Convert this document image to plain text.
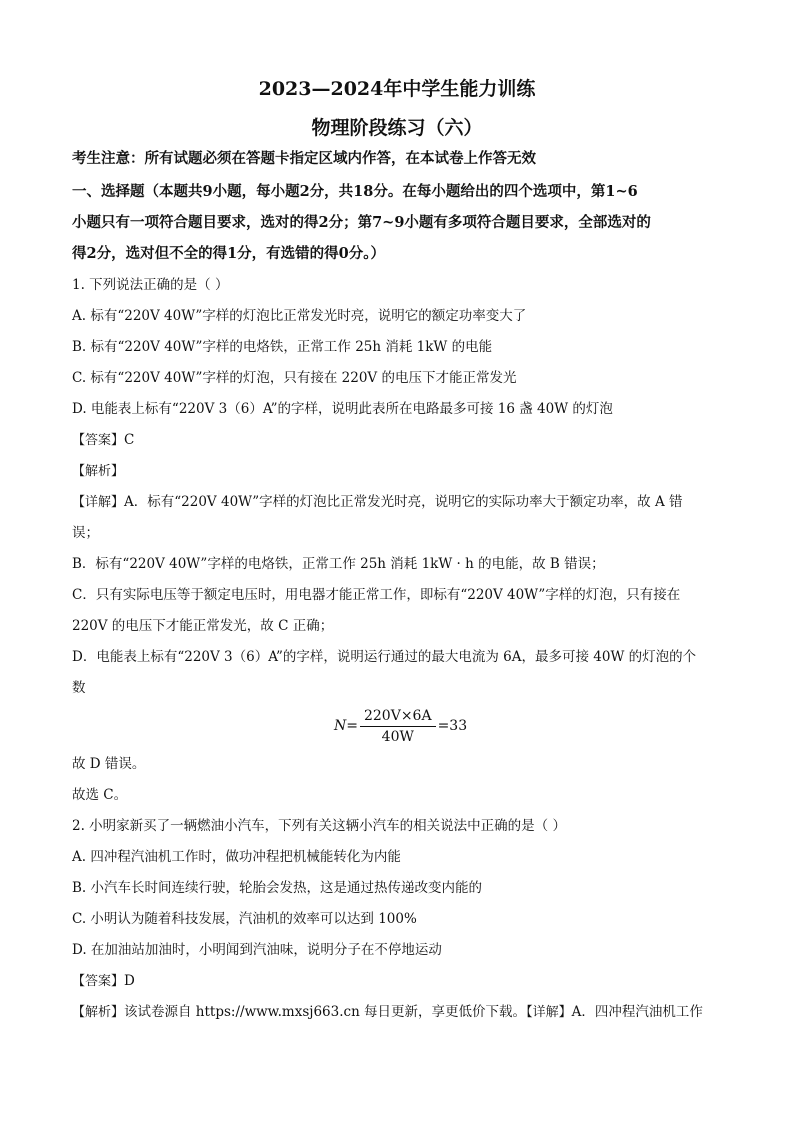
2023—2024年中学生能力训练
物理阶段练习（六）
考生注意：所有试题必须在答题卡指定区域内作答，在本试卷上作答无效
一、选择题（本题共9小题，每小题2分，共18分。在每小题给出的四个选项中，第1~6
小题只有一项符合题目要求，选对的得2分；第7~9小题有多项符合题目要求，全部选对的
得2分，选对但不全的得1分，有选错的得0分。）
1. 下列说法正确的是（ ）
A. 标有“220V 40W”字样的灯泡比正常发光时亮，说明它的额定功率变大了
B. 标有“220V 40W”字样的电烙铁，正常工作 25h 消耗 1kW 的电能
C. 标有“220V 40W”字样的灯泡，只有接在 220V 的电压下才能正常发光
D. 电能表上标有“220V 3（6）A”的字样，说明此表所在电路最多可接 16 盏 40W 的灯泡
【答案】C
【解析】
【详解】A．标有“220V 40W”字样的灯泡比正常发光时亮，说明它的实际功率大于额定功率，故 A 错
误；
B．标有“220V 40W”字样的电烙铁，正常工作 25h 消耗 1kW · h 的电能，故 B 错误；
C．只有实际电压等于额定电压时，用电器才能正常工作，即标有“220V 40W”字样的灯泡，只有接在
220V 的电压下才能正常发光，故 C 正确；
D．电能表上标有“220V 3（6）A”的字样，说明运行通过的最大电流为 6A，最多可接 40W 的灯泡的个
数
$N = \frac{220V\times 6A}{40W} =33$
故 D 错误。
故选 C。
2. 小明家新买了一辆燃油小汽车，下列有关这辆小汽车的相关说法中正确的是（ ）
A. 四冲程汽油机工作时，做功冲程把机械能转化为内能
B. 小汽车长时间连续行驶，轮胎会发热，这是通过热传递改变内能的
C. 小明认为随着科技发展，汽油机的效率可以达到 100%
D. 在加油站加油时，小明闻到汽油味，说明分子在不停地运动
【答案】D
【解析】该试卷源自 https://www.mxsj663.cn 每日更新，享更低价下载。【详解】A．四冲程汽油机工作
